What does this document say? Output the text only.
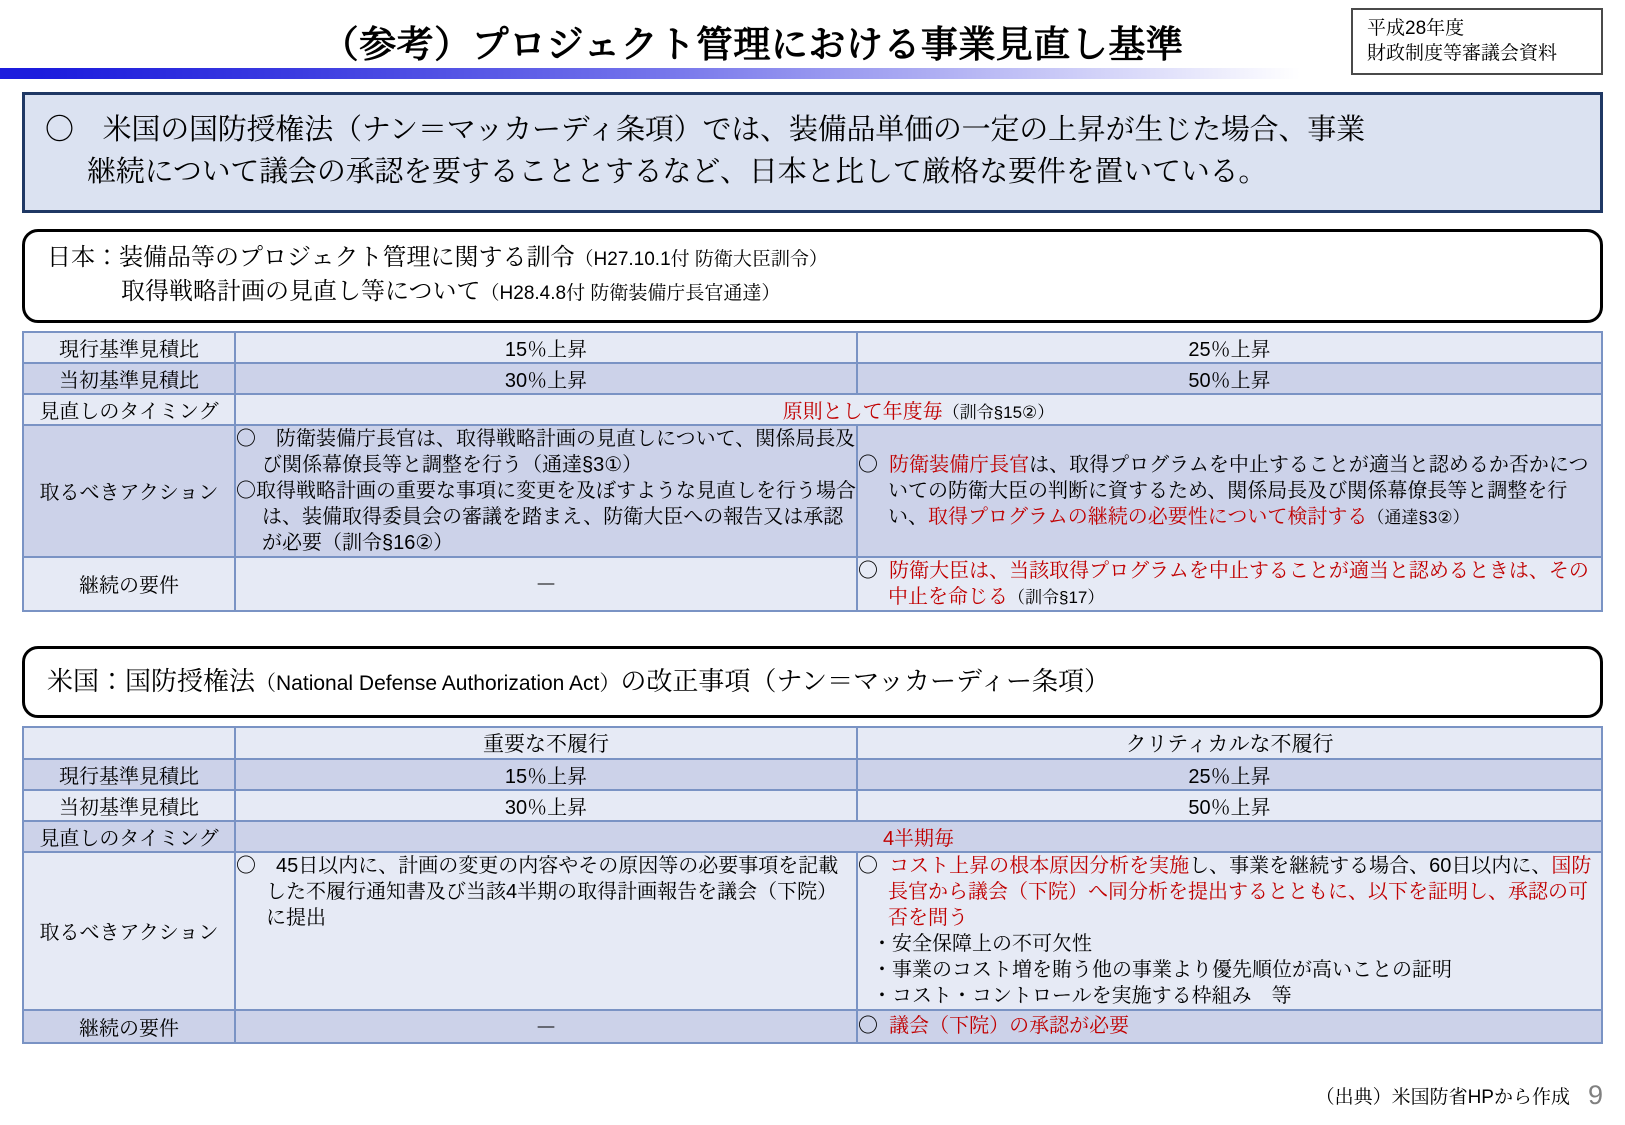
（参考）プロジェクト管理における事業見直し基準	平成28年度
財政制度等審議会資料
〇　米国の国防授権法（ナン＝マッカーディ条項）では、装備品単価の一定の上昇が生じた場合、事業
継続について議会の承認を要することとするなど、日本と比して厳格な要件を置いている。
日本：装備品等のプロジェクト管理に関する訓令（H27.10.1付 防衛大臣訓令）
取得戦略計画の見直し等について（H28.4.8付 防衛装備庁長官通達）
現行基準見積比	15％上昇	25％上昇
当初基準見積比	30％上昇	50％上昇
見直しのタイミング	原則として年度毎（訓令§15②）	
取るべきアクション	〇　防衛装備庁長官は、取得戦略計画の見直しについて、関係局長及び関係幕僚長等と調整を行う（通達§3①）
〇取得戦略計画の重要な事項に変更を及ぼすような見直しを行う場合は、装備取得委員会の審議を踏まえ、防衛大臣への報告又は承認が必要（訓令§16②）	〇 防衛装備庁長官は、取得プログラムを中止することが適当と認めるか否かについての防衛大臣の判断に資するため、関係局長及び関係幕僚長等と調整を行い、取得プログラムの継続の必要性について検討する（通達§3②）

継続の要件	－	〇 防衛大臣は、当該取得プログラムを中止することが適当と認めるときは、その中止を命じる（訓令§17）
米国：国防授権法（National Defense Authorization Act）の改正事項（ナン＝マッカーディー条項）
	重要な不履行	クリティカルな不履行
現行基準見積比	15％上昇	25％上昇
当初基準見積比	30％上昇	50％上昇
見直しのタイミング	4半期毎	
取るべきアクション	〇　45日以内に、計画の変更の内容やその原因等の必要事項を記載した不履行通知書及び当該4半期の取得計画報告を議会（下院）に提出	〇 コスト上昇の根本原因分析を実施し、事業を継続する場合、60日以内に、国防長官から議会（下院）へ同分析を提出するとともに、以下を証明し、承認の可否を問う
・安全保障上の不可欠性
・事業のコスト増を賄う他の事業より優先順位が高いことの証明
・コスト・コントロールを実施する枠組み　等

継続の要件	－	〇 議会（下院）の承認が必要
（出典）米国防省HPから作成 9
